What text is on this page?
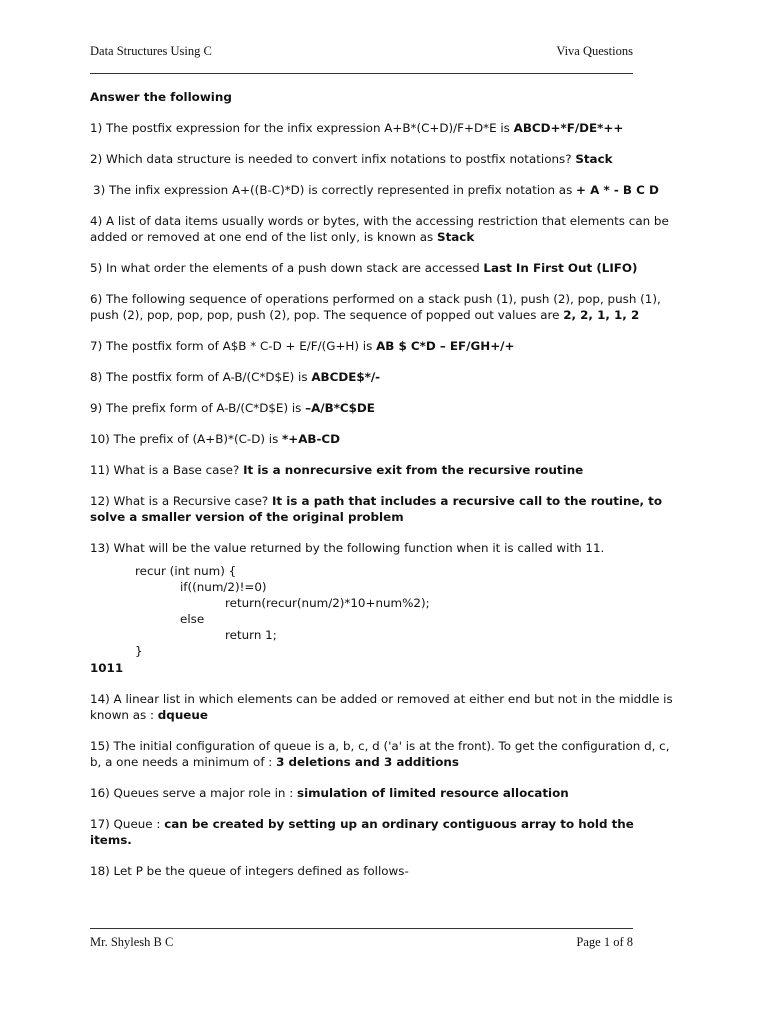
Data Structures Using C	Viva Questions
Answer the following
1) The postfix expression for the infix expression A+B*(C+D)/F+D*E is ABCD+*F/DE*++
2) Which data structure is needed to convert infix notations to postfix notations? Stack
3) The infix expression A+((B-C)*D) is correctly represented in prefix notation as + A * - B C D
4) A list of data items usually words or bytes, with the accessing restriction that elements can be added or removed at one end of the list only, is known as Stack
5) In what order the elements of a push down stack are accessed Last In First Out (LIFO)
6) The following sequence of operations performed on a stack push (1), push (2), pop, push (1), push (2), pop, pop, pop, push (2), pop. The sequence of popped out values are 2, 2, 1, 1, 2
7) The postfix form of A$B * C-D + E/F/(G+H) is AB $ C*D – EF/GH+/+
8) The postfix form of A-B/(C*D$E) is ABCDE$*/-
9) The prefix form of A-B/(C*D$E) is –A/B*C$DE
10) The prefix of (A+B)*(C-D) is *+AB-CD
11) What is a Base case? It is a nonrecursive exit from the recursive routine
12) What is a Recursive case? It is a path that includes a recursive call to the routine, to solve a smaller version of the original problem
13) What will be the value returned by the following function when it is called with 11.
recur (int num) {
if((num/2)!=0)
return(recur(num/2)*10+num%2);
else
return 1;
}
1011
14) A linear list in which elements can be added or removed at either end but not in the middle is known as : dqueue
15) The initial configuration of queue is a, b, c, d ('a' is at the front). To get the configuration d, c, b, a one needs a minimum of : 3 deletions and 3 additions
16) Queues serve a major role in : simulation of limited resource allocation
17) Queue : can be created by setting up an ordinary contiguous array to hold the items.
18) Let P be the queue of integers defined as follows-
Mr. Shylesh B C	Page 1 of 8
